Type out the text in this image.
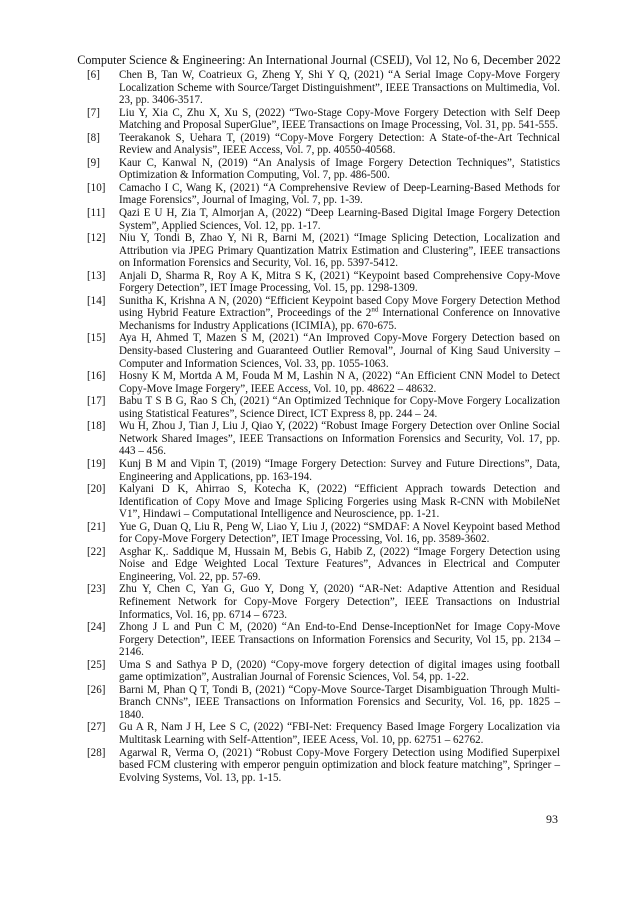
Computer Science & Engineering: An International Journal (CSEIJ), Vol 12, No 6, December 2022
[6] Chen B, Tan W, Coatrieux G, Zheng Y, Shi Y Q, (2021) “A Serial Image Copy-Move Forgery Localization Scheme with Source/Target Distinguishment”, IEEE Transactions on Multimedia, Vol. 23, pp. 3406-3517.
[7] Liu Y, Xia C, Zhu X, Xu S, (2022) “Two-Stage Copy-Move Forgery Detection with Self Deep Matching and Proposal SuperGlue”, IEEE Transactions on Image Processing, Vol. 31, pp. 541-555.
[8] Teerakanok S, Uehara T, (2019) “Copy-Move Forgery Detection: A State-of-the-Art Technical Review and Analysis”, IEEE Access, Vol. 7, pp. 40550-40568.
[9] Kaur C, Kanwal N, (2019) “An Analysis of Image Forgery Detection Techniques”, Statistics Optimization & Information Computing, Vol. 7, pp. 486-500.
[10] Camacho I C, Wang K, (2021) “A Comprehensive Review of Deep-Learning-Based Methods for Image Forensics”, Journal of Imaging, Vol. 7, pp. 1-39.
[11] Qazi E U H, Zia T, Almorjan A, (2022) “Deep Learning-Based Digital Image Forgery Detection System”, Applied Sciences, Vol. 12, pp. 1-17.
[12] Niu Y, Tondi B, Zhao Y, Ni R, Barni M, (2021) “Image Splicing Detection, Localization and Attribution via JPEG Primary Quantization Matrix Estimation and Clustering”, IEEE transactions on Information Forensics and Security, Vol. 16, pp. 5397-5412.
[13] Anjali D, Sharma R, Roy A K, Mitra S K, (2021) “Keypoint based Comprehensive Copy-Move Forgery Detection”, IET Image Processing, Vol. 15, pp. 1298-1309.
[14] Sunitha K, Krishna A N, (2020) “Efficient Keypoint based Copy Move Forgery Detection Method using Hybrid Feature Extraction”, Proceedings of the 2nd International Conference on Innovative Mechanisms for Industry Applications (ICIMIA), pp. 670-675.
[15] Aya H, Ahmed T, Mazen S M, (2021) “An Improved Copy-Move Forgery Detection based on Density-based Clustering and Guaranteed Outlier Removal”, Journal of King Saud University – Computer and Information Sciences, Vol. 33, pp. 1055-1063.
[16] Hosny K M, Mortda A M, Fouda M M, Lashin N A, (2022) “An Efficient CNN Model to Detect Copy-Move Image Forgery”, IEEE Access, Vol. 10, pp. 48622 – 48632.
[17] Babu T S B G, Rao S Ch, (2021) “An Optimized Technique for Copy-Move Forgery Localization using Statistical Features”, Science Direct, ICT Express 8, pp. 244 – 24.
[18] Wu H, Zhou J, Tian J, Liu J, Qiao Y, (2022) “Robust Image Forgery Detection over Online Social Network Shared Images”, IEEE Transactions on Information Forensics and Security, Vol. 17, pp. 443 – 456.
[19] Kunj B M and Vipin T, (2019) “Image Forgery Detection: Survey and Future Directions”, Data, Engineering and Applications, pp. 163-194.
[20] Kalyani D K, Ahirrao S, Kotecha K, (2022) “Efficient Apprach towards Detection and Identification of Copy Move and Image Splicing Forgeries using Mask R-CNN with MobileNet V1”, Hindawi – Computational Intelligence and Neuroscience, pp. 1-21.
[21] Yue G, Duan Q, Liu R, Peng W, Liao Y, Liu J, (2022) “SMDAF: A Novel Keypoint based Method for Copy-Move Forgery Detection”, IET Image Processing, Vol. 16, pp. 3589-3602.
[22] Asghar K,. Saddique M, Hussain M, Bebis G, Habib Z, (2022) “Image Forgery Detection using Noise and Edge Weighted Local Texture Features”, Advances in Electrical and Computer Engineering, Vol. 22, pp. 57-69.
[23] Zhu Y, Chen C, Yan G, Guo Y, Dong Y, (2020) “AR-Net: Adaptive Attention and Residual Refinement Network for Copy-Move Forgery Detection”, IEEE Transactions on Industrial Informatics, Vol. 16, pp. 6714 – 6723.
[24] Zhong J L and Pun C M, (2020) “An End-to-End Dense-InceptionNet for Image Copy-Move Forgery Detection”, IEEE Transactions on Information Forensics and Security, Vol 15, pp. 2134 – 2146.
[25] Uma S and Sathya P D, (2020) “Copy-move forgery detection of digital images using football game optimization”, Australian Journal of Forensic Sciences, Vol. 54, pp. 1-22.
[26] Barni M, Phan Q T, Tondi B, (2021) “Copy-Move Source-Target Disambiguation Through Multi-Branch CNNs”, IEEE Transactions on Information Forensics and Security, Vol. 16, pp. 1825 – 1840.
[27] Gu A R, Nam J H, Lee S C, (2022) “FBI-Net: Frequency Based Image Forgery Localization via Multitask Learning with Self-Attention”, IEEE Acess, Vol. 10, pp. 62751 – 62762.
[28] Agarwal R, Verma O, (2021) “Robust Copy-Move Forgery Detection using Modified Superpixel based FCM clustering with emperor penguin optimization and block feature matching”, Springer – Evolving Systems, Vol. 13, pp. 1-15.
93
